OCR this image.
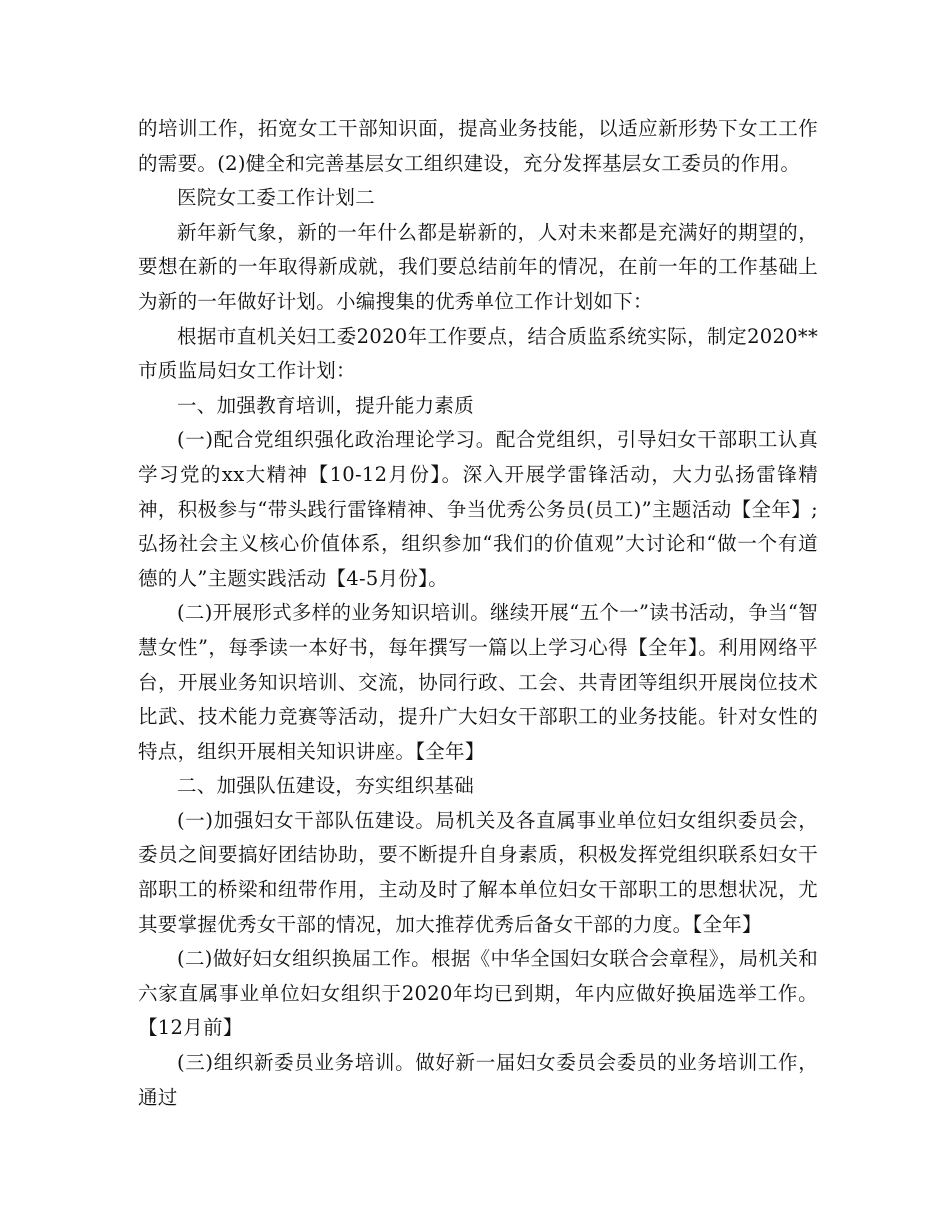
的培训工作，拓宽女工干部知识面，提高业务技能，以适应新形势下女工工作的需要。(2)健全和完善基层女工组织建设，充分发挥基层女工委员的作用。

医院女工委工作计划二

新年新气象，新的一年什么都是崭新的，人对未来都是充满好的期望的，要想在新的一年取得新成就，我们要总结前年的情况，在前一年的工作基础上为新的一年做好计划。小编搜集的优秀单位工作计划如下：

根据市直机关妇工委2020年工作要点，结合质监系统实际，制定2020**市质监局妇女工作计划：

一、加强教育培训，提升能力素质

(一)配合党组织强化政治理论学习。配合党组织，引导妇女干部职工认真学习党的xx大精神【10-12月份】。深入开展学雷锋活动，大力弘扬雷锋精神，积极参与“带头践行雷锋精神、争当优秀公务员(员工)”主题活动【全年】;弘扬社会主义核心价值体系，组织参加“我们的价值观”大讨论和“做一个有道德的人”主题实践活动【4-5月份】。

(二)开展形式多样的业务知识培训。继续开展“五个一”读书活动，争当“智慧女性”，每季读一本好书，每年撰写一篇以上学习心得【全年】。利用网络平台，开展业务知识培训、交流，协同行政、工会、共青团等组织开展岗位技术比武、技术能力竞赛等活动，提升广大妇女干部职工的业务技能。针对女性的特点，组织开展相关知识讲座。【全年】

二、加强队伍建设，夯实组织基础

(一)加强妇女干部队伍建设。局机关及各直属事业单位妇女组织委员会，委员之间要搞好团结协助，要不断提升自身素质，积极发挥党组织联系妇女干部职工的桥梁和纽带作用，主动及时了解本单位妇女干部职工的思想状况，尤其要掌握优秀女干部的情况，加大推荐优秀后备女干部的力度。【全年】

(二)做好妇女组织换届工作。根据《中华全国妇女联合会章程》，局机关和六家直属事业单位妇女组织于2020年均已到期，年内应做好换届选举工作。【12月前】

(三)组织新委员业务培训。做好新一届妇女委员会委员的业务培训工作，通过
